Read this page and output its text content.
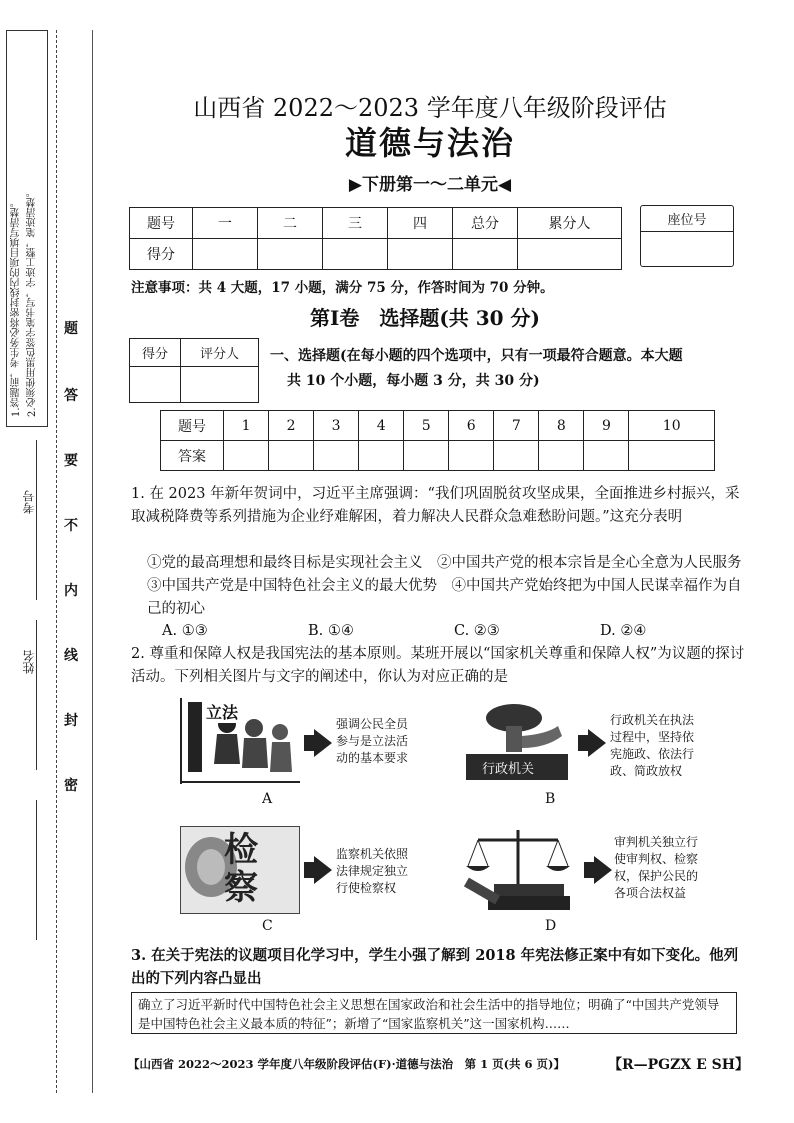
1.答题前，考生务必将密封线内的项目填写清楚。 2.必须使用黑色签字笔书写，字迹工整，笔迹清楚。 题
答
要
不
内
线
封
密
考号
姓名
山西省 2022～2023 学年度八年级阶段评估
道德与法治
▶下册第一～二单元◀
题号	一	二	三	四	总分	累分人
得分						
座位号
注意事项：共 4 大题，17 小题，满分 75 分，作答时间为 70 分钟。
第Ⅰ卷　选择题(共 30 分)
得分	评分人
	一、选择题(在每小题的四个选项中，只有一项最符合题意。本大题
共 10 个小题，每小题 3 分，共 30 分)
题号	1	2	3	4	5	6	7	8	9	10
答案										
1. 在 2023 年新年贺词中，习近平主席强调：“我们巩固脱贫攻坚成果，全面推进乡村振兴，采取减税降费等系列措施为企业纾难解困，着力解决人民群众急难愁盼问题。”这充分表明
①党的最高理想和最终目标是实现社会主义　②中国共产党的根本宗旨是全心全意为人民服务　③中国共产党是中国特色社会主义的最大优势　④中国共产党始终把为中国人民谋幸福作为自己的初心
A. ①③	B. ①④	C. ②③	D. ②④
2. 尊重和保障人权是我国宪法的基本原则。某班开展以“国家机关尊重和保障人权”为议题的探讨活动。下列相关图片与文字的阐述中，你认为对应正确的是
立法
强调公民全员参与是立法活动的基本要求
A
行政机关
行政机关在执法过程中，坚持依宪施政、依法行政、简政放权
B
检察
监察机关依照法律规定独立行使检察权
C
审判机关独立行使审判权、检察权，保护公民的各项合法权益
D
3. 在关于宪法的议题项目化学习中，学生小强了解到 2018 年宪法修正案中有如下变化。他列出的下列内容凸显出
确立了习近平新时代中国特色社会主义思想在国家政治和社会生活中的指导地位；明确了“中国共产党领导是中国特色社会主义最本质的特征”；新增了“国家监察机关”这一国家机构……
【山西省 2022～2023 学年度八年级阶段评估(F)·道德与法治　第 1 页(共 6 页)】	【R—PGZX E SH】
